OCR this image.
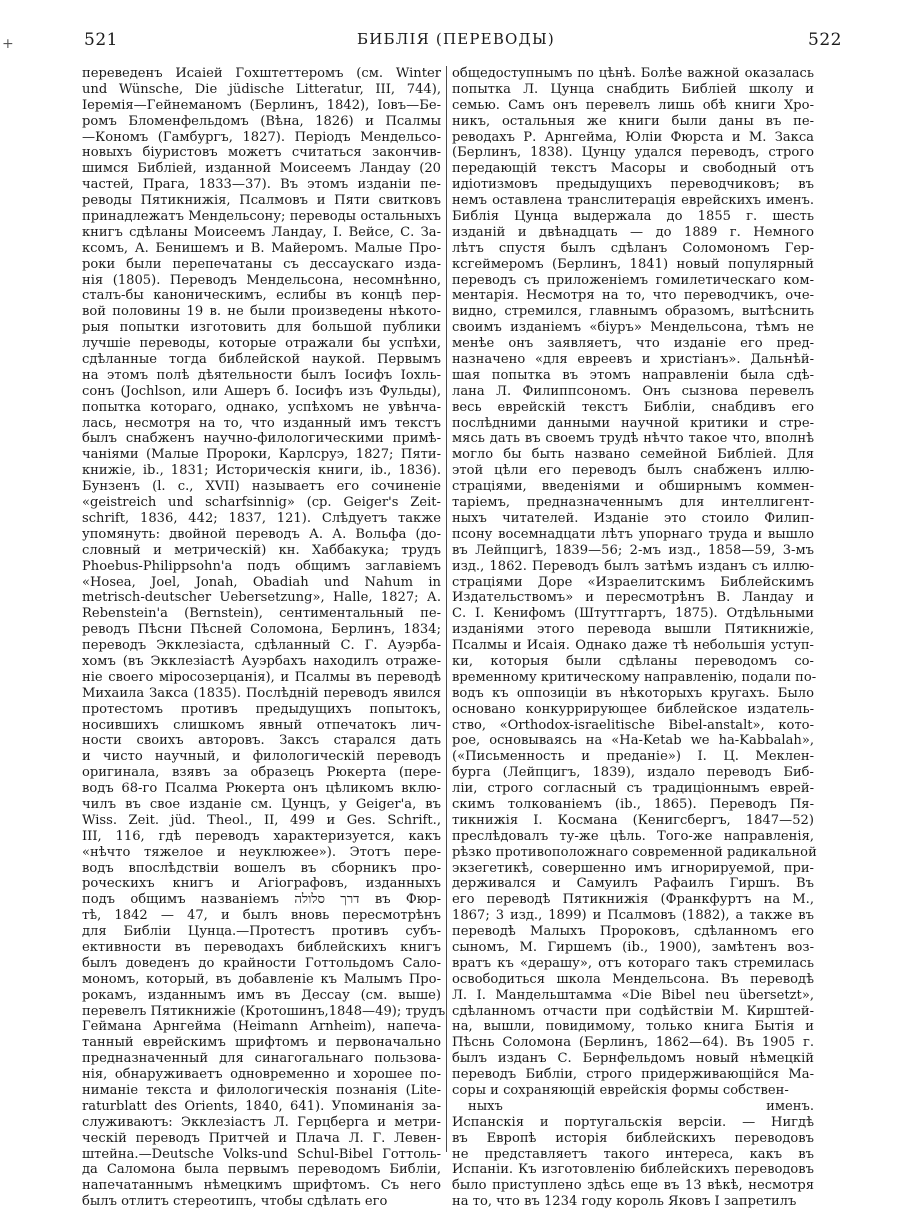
+	521	БИБЛІЯ (ПЕРЕВОДЫ)	522
переведенъ Исаіей Гохштеттеромъ (см. Winter
und Wünsche, Die jüdische Litteratur, III, 744),
Іеремія—Гейнеманомъ (Берлинъ, 1842), Іовъ—Бе-
ромъ Бломенфельдомъ (Вѣна, 1826) и Псалмы
—Кономъ (Гамбургъ, 1827). Періодъ Мендельсо-
новыхъ біуристовъ можетъ считаться закончив-
шимся Библіей, изданной Моисеемъ Ландау (20
частей, Прага, 1833—37). Въ этомъ изданіи пе-
реводы Пятикнижія, Псалмовъ и Пяти свитковъ
принадлежатъ Мендельсону; переводы остальныхъ
книгъ сдѣланы Моисеемъ Ландау, І. Вейсе, С. За-
ксомъ, А. Бенишемъ и В. Майеромъ. Малые Про-
роки были перепечатаны съ дессаускаго изда-
нія (1805). Переводъ Мендельсона, несомнѣнно,
сталъ-бы каноническимъ, еслибы въ концѣ пер-
вой половины 19 в. не были произведены нѣкото-
рыя попытки изготовить для большой публики
лучшіе переводы, которые отражали бы успѣхи,
сдѣланные тогда библейской наукой. Первымъ
на этомъ полѣ дѣятельности былъ Іосифъ Іохль-
сонъ (Jochlson, или Ашеръ б. Іосифъ изъ Фульды),
попытка котораго, однако, успѣхомъ не увѣнча-
лась, несмотря на то, что изданный имъ текстъ
былъ снабженъ научно-филологическими примѣ-
чаніями (Малые Пророки, Карлсруэ, 1827; Пяти-
книжіе, ib., 1831; Историческія книги, ib., 1836).
Бунзенъ (l. c., XVII) называетъ его сочиненіе
«geistreich und scharfsinnig» (ср. Geiger's Zeit-
schrift, 1836, 442; 1837, 121). Слѣдуетъ также
упомянуть: двойной переводъ А. А. Вольфа (до-
словный и метрическій) кн. Хаббакука; трудъ
Phoebus-Philippsohn'а подъ общимъ заглавіемъ
«Hosea, Joel, Jonah, Obadiah und Nahum in
metrisch-deutscher Uebersetzung», Halle, 1827; А.
Rebenstein'а (Bernstein), сентиментальный пе-
реводъ Пѣсни Пѣсней Соломона, Берлинъ, 1834;
переводъ Экклезіаста, сдѣланный С. Г. Ауэрба-
хомъ (въ Экклезіастѣ Ауэрбахъ находилъ отраже-
ніе своего міросозерцанія), и Псалмы въ переводѣ
Михаила Закса (1835). Послѣдній переводъ явился
протестомъ противъ предыдущихъ попытокъ,
носившихъ слишкомъ явный отпечатокъ лич-
ности своихъ авторовъ. Заксъ старался дать
и чисто научный, и филологическій переводъ
оригинала, взявъ за образецъ Рюкерта (пере-
водъ 68-го Псалма Рюкерта онъ цѣликомъ вклю-
чилъ въ свое изданіе см. Цунцъ, у Geiger'a, въ
Wiss. Zeit. jüd. Theol., II, 499 и Ges. Schrift.,
III, 116, гдѣ переводъ характеризуется, какъ
«нѣчто тяжелое и неуклюжее»). Этотъ пере-
водъ впослѣдствіи вошелъ въ сборникъ про-
роческихъ книгъ и Агіографовъ, изданныхъ
подъ общимъ названіемъ דרך סלולה въ Фюр-
тѣ, 1842 — 47, и былъ вновь пересмотрѣнъ
для Библіи Цунца.—Протестъ противъ субъ-
ективности въ переводахъ библейскихъ книгъ
былъ доведенъ до крайности Готтольдомъ Сало-
мономъ, который, въ добавленіе къ Малымъ Про-
рокамъ, изданнымъ имъ въ Дессау (см. выше)
перевелъ Пятикнижіе (Кротошинъ,1848—49); трудъ
Геймана Арнгейма (Heimann Arnheim), напеча-
танный еврейскимъ шрифтомъ и первоначально
предназначенный для синагогальнаго пользова-
нія, обнаруживаетъ одновременно и хорошее по-
ниманіе текста и филологическія познанія (Lite-
raturblatt des Orients, 1840, 641). Упоминанія за-
служиваютъ: Экклезіастъ Л. Герцберга и метри-
ческій переводъ Притчей и Плача Л. Г. Левен-
штейна.—Deutsche Volks-und Schul-Bibel Готтоль-
да Саломона была первымъ переводомъ Библіи,
напечатаннымъ нѣмецкимъ шрифтомъ. Съ него
былъ отлитъ стереотипъ, чтобы сдѣлать его
общедоступнымъ по цѣнѣ. Болѣе важной оказалась
попытка Л. Цунца снабдить Библіей школу и
семью. Самъ онъ перевелъ лишь обѣ книги Хро-
никъ, остальныя же книги были даны въ пе-
реводахъ Р. Арнгейма, Юліи Фюрста и М. Закса
(Берлинъ, 1838). Цунцу удался переводъ, строго
передающій текстъ Масоры и свободный отъ
идіотизмовъ предыдущихъ переводчиковъ; въ
немъ оставлена транслитерація еврейскихъ именъ.
Библія Цунца выдержала до 1855 г. шесть
изданій и двѣнадцать — до 1889 г. Немного
лѣтъ спустя былъ сдѣланъ Соломономъ Гер-
ксгеймеромъ (Берлинъ, 1841) новый популярный
переводъ съ приложеніемъ гомилетическаго ком-
ментарія. Несмотря на то, что переводчикъ, оче-
видно, стремился, главнымъ образомъ, вытѣснить
своимъ изданіемъ «біуръ» Мендельсона, тѣмъ не
менѣе онъ заявляетъ, что изданіе его пред-
назначено «для евреевъ и христіанъ». Дальнѣй-
шая попытка въ этомъ направленіи была сдѣ-
лана Л. Филиппсономъ. Онъ сызнова перевелъ
весь еврейскій текстъ Библіи, снабдивъ его
послѣдними данными научной критики и стре-
мясь дать въ своемъ трудѣ нѣчто такое что, вполнѣ
могло бы быть названо семейной Библіей. Для
этой цѣли его переводъ былъ снабженъ иллю-
страціями, введеніями и обширнымъ коммен-
таріемъ, предназначеннымъ для интеллигент-
ныхъ читателей. Изданіе это стоило Филип-
псону восемнадцати лѣтъ упорнаго труда и вышло
въ Лейпцигѣ, 1839—56; 2-мъ изд., 1858—59, 3-мъ
изд., 1862. Переводъ былъ затѣмъ изданъ съ иллю-
страціями Доре «Израелитскимъ Библейскимъ
Издательствомъ» и пересмотрѣнъ В. Ландау и
С. І. Кенифомъ (Штуттгартъ, 1875). Отдѣльными
изданіями этого перевода вышли Пятикнижіе,
Псалмы и Исаія. Однако даже тѣ небольшія уступ-
ки, которыя были сдѣланы переводомъ со-
временному критическому направленію, подали по-
водъ къ оппозиціи въ нѣкоторыхъ кругахъ. Было
основано конкуррирующее библейское издатель-
ство, «Orthodox-israelitische Bibel-anstalt», кото-
рое, основываясь на «Ha-Ketab we ha-Kabbalah»,
(«Письменность и преданіе») І. Ц. Меклен-
бурга (Лейпцигъ, 1839), издало переводъ Биб-
ліи, строго согласный съ традиціоннымъ еврей-
скимъ толкованіемъ (ib., 1865). Переводъ Пя-
тикнижія І. Космана (Кенигсбергъ, 1847—52)
преслѣдовалъ ту-же цѣль. Того-же направленія,
рѣзко противоположнаго современной радикальной
экзегетикѣ, совершенно имъ игнорируемой, при-
держивался и Самуилъ Рафаилъ Гиршъ. Въ
его переводѣ Пятикнижія (Франкфуртъ на М.,
1867; 3 изд., 1899) и Псалмовъ (1882), а также въ
переводѣ Малыхъ Пророковъ, сдѣланномъ его
сыномъ, М. Гиршемъ (ib., 1900), замѣтенъ воз-
вратъ къ «дерашу», отъ котораго такъ стремилась
освободиться школа Мендельсона. Въ переводѣ
Л. І. Мандельштамма «Die Bibel neu übersetzt»,
сдѣланномъ отчасти при содѣйствіи М. Кирштей-
на, вышли, повидимому, только книга Бытія и
Пѣснь Соломона (Берлинъ, 1862—64). Въ 1905 г.
былъ изданъ С. Бернфельдомъ новый нѣмецкій
переводъ Библіи, строго придерживающійся Ма-
соры и сохраняющій еврейскія формы собствен-
ныхъ именъ.
Испанскія и португальскія версіи. — Нигдѣ
въ Европѣ исторія библейскихъ переводовъ
не представляетъ такого интереса, какъ въ
Испаніи. Къ изготовленію библейскихъ переводовъ
было приступлено здѣсь еще въ 13 вѣкѣ, несмотря
на то, что въ 1234 году король Яковъ I запретилъ
